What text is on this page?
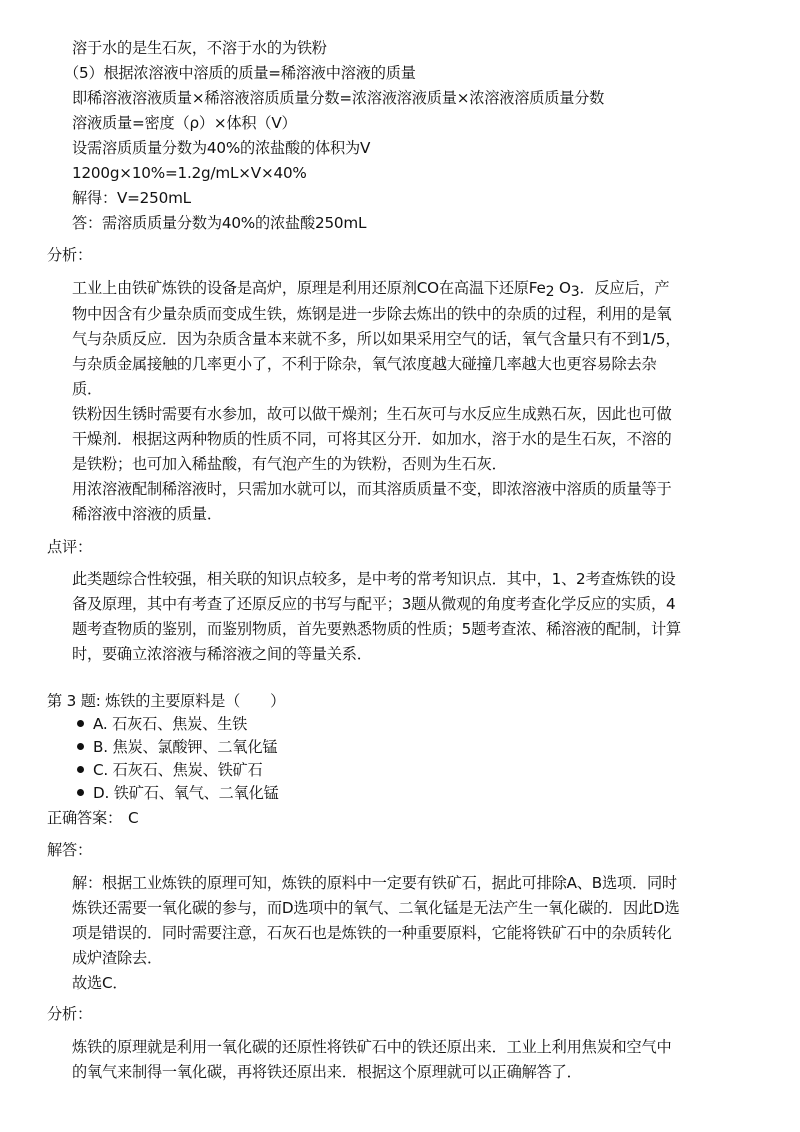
溶于水的是生石灰，不溶于水的为铁粉
（5）根据浓溶液中溶质的质量=稀溶液中溶液的质量
即稀溶液溶液质量×稀溶液溶质质量分数=浓溶液溶液质量×浓溶液溶质质量分数
溶液质量=密度（ρ）×体积（V）
设需溶质质量分数为40%的浓盐酸的体积为V
1200g×10%=1.2g/mL×V×40%
解得：V=250mL
答：需溶质质量分数为40%的浓盐酸250mL
分析：
工业上由铁矿炼铁的设备是高炉，原理是利用还原剂CO在高温下还原$Fe_2$ $O_3$．反应后，产
物中因含有少量杂质而变成生铁，炼钢是进一步除去炼出的铁中的杂质的过程，利用的是氧
气与杂质反应．因为杂质含量本来就不多，所以如果采用空气的话，氧气含量只有不到1/5，
与杂质金属接触的几率更小了，不利于除杂，氧气浓度越大碰撞几率越大也更容易除去杂
质．
铁粉因生锈时需要有水参加，故可以做干燥剂；生石灰可与水反应生成熟石灰，因此也可做
干燥剂．根据这两种物质的性质不同，可将其区分开．如加水，溶于水的是生石灰，不溶的
是铁粉；也可加入稀盐酸，有气泡产生的为铁粉，否则为生石灰．
用浓溶液配制稀溶液时，只需加水就可以，而其溶质质量不变，即浓溶液中溶质的质量等于
稀溶液中溶液的质量．
点评：
此类题综合性较强，相关联的知识点较多，是中考的常考知识点．其中，1、2考查炼铁的设
备及原理，其中有考查了还原反应的书写与配平；3题从微观的角度考查化学反应的实质，4
题考查物质的鉴别，而鉴别物质，首先要熟悉物质的性质；5题考查浓、稀溶液的配制，计算
时，要确立浓溶液与稀溶液之间的等量关系．
第 3 题: 炼铁的主要原料是（　　）
A. 石灰石、焦炭、生铁
B. 焦炭、氯酸钾、二氧化锰
C. 石灰石、焦炭、铁矿石
D. 铁矿石、氧气、二氧化锰
正确答案： C
解答：
解：根据工业炼铁的原理可知，炼铁的原料中一定要有铁矿石，据此可排除A、B选项．同时
炼铁还需要一氧化碳的参与，而D选项中的氧气、二氧化锰是无法产生一氧化碳的．因此D选
项是错误的．同时需要注意，石灰石也是炼铁的一种重要原料，它能将铁矿石中的杂质转化
成炉渣除去．
故选C．
分析：
炼铁的原理就是利用一氧化碳的还原性将铁矿石中的铁还原出来．工业上利用焦炭和空气中
的氧气来制得一氧化碳，再将铁还原出来．根据这个原理就可以正确解答了．
